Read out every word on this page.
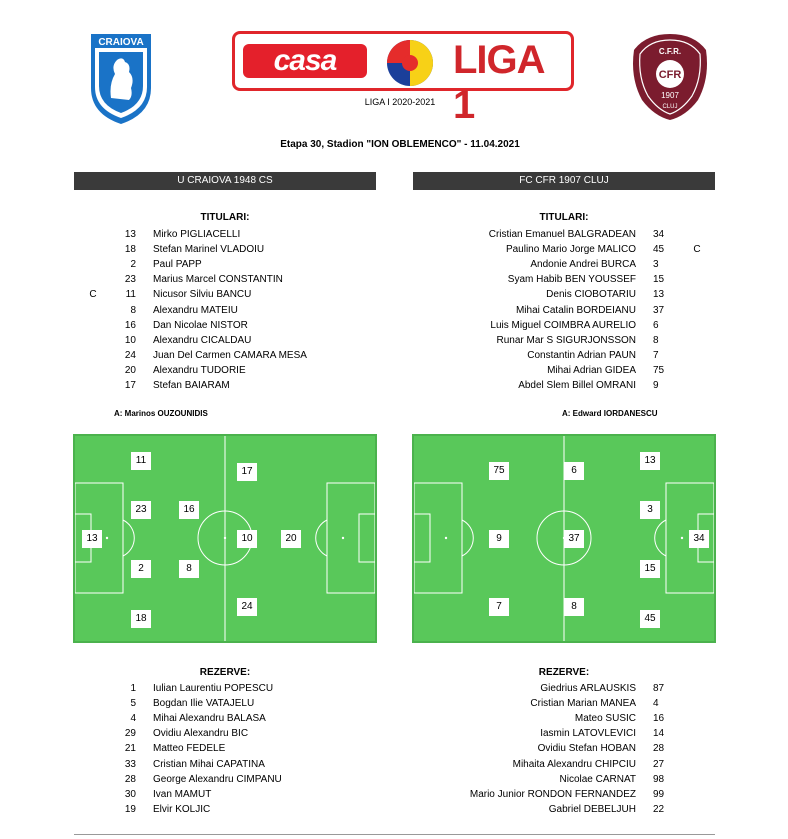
CRAIOVA
casa	LIGA 1
C.F.R.
CFR
1907
CLUJ
LIGA I 2020-2021
Etapa 30, Stadion "ION OBLEMENCO" - 11.04.2021
U CRAIOVA 1948 CS	FC CFR 1907 CLUJ
TITULARI:	TITULARI:
13 Mirko PIGLIACELLI
18 Stefan Marinel VLADOIU
2 Paul PAPP
23 Marius Marcel CONSTANTIN
C	11 Nicusor Silviu BANCU
8 Alexandru MATEIU
16 Dan Nicolae NISTOR
10 Alexandru CICALDAU
24 Juan Del Carmen CAMARA MESA
20 Alexandru TUDORIE
17 Stefan BAIARAM
Cristian Emanuel BALGRADEAN 34
Paulino Mario Jorge MALICO 45	C
Andonie Andrei BURCA 3
Syam Habib BEN YOUSSEF 15
Denis CIOBOTARIU 13
Mihai Catalin BORDEIANU 37
Luis Miguel COIMBRA AURELIO 6
Runar Mar S SIGURJONSSON 8
Constantin Adrian PAUN 7
Mihai Adrian GIDEA 75
Abdel Slem Billel OMRANI 9
A: Marinos OUZOUNIDIS	A: Edward IORDANESCU
11
17
23	16
13	10	20
2	8
24
18
75	6
13
3
9	37	34
15
7	8
45
REZERVE:	REZERVE:
1 Iulian Laurentiu POPESCU
5 Bogdan Ilie VATAJELU
4 Mihai Alexandru BALASA
29 Ovidiu Alexandru BIC
21 Matteo FEDELE
33 Cristian Mihai CAPATINA
28 George Alexandru CIMPANU
30 Ivan MAMUT
19 Elvir KOLJIC
Giedrius ARLAUSKIS 87
Cristian Marian MANEA 4
Mateo SUSIC 16
Iasmin LATOVLEVICI 14
Ovidiu Stefan HOBAN 28
Mihaita Alexandru CHIPCIU 27
Nicolae CARNAT 98
Mario Junior RONDON FERNANDEZ 99
Gabriel DEBELJUH 22
